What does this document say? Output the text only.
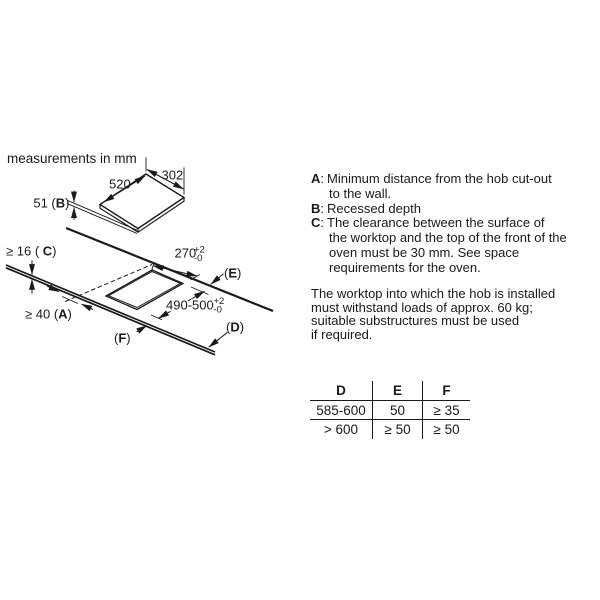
measurements in mm
302
520
51 (B)
≥ 16 ( C)
≥ 40 (A)
270
+2
-0
490-500 +2
-0
(E)
(D)
(F)
A: Minimum distance from the hob cut-out
to the wall.
B: Recessed depth
C: The clearance between the surface of
the worktop and the top of the front of the
oven must be 30 mm. See space
requirements for the oven.
The worktop into which the hob is installed
must withstand loads of approx. 60 kg;
suitable substructures must be used
if required.
D	E	F
585-600	50	≥ 35
> 600	≥ 50	≥ 50
